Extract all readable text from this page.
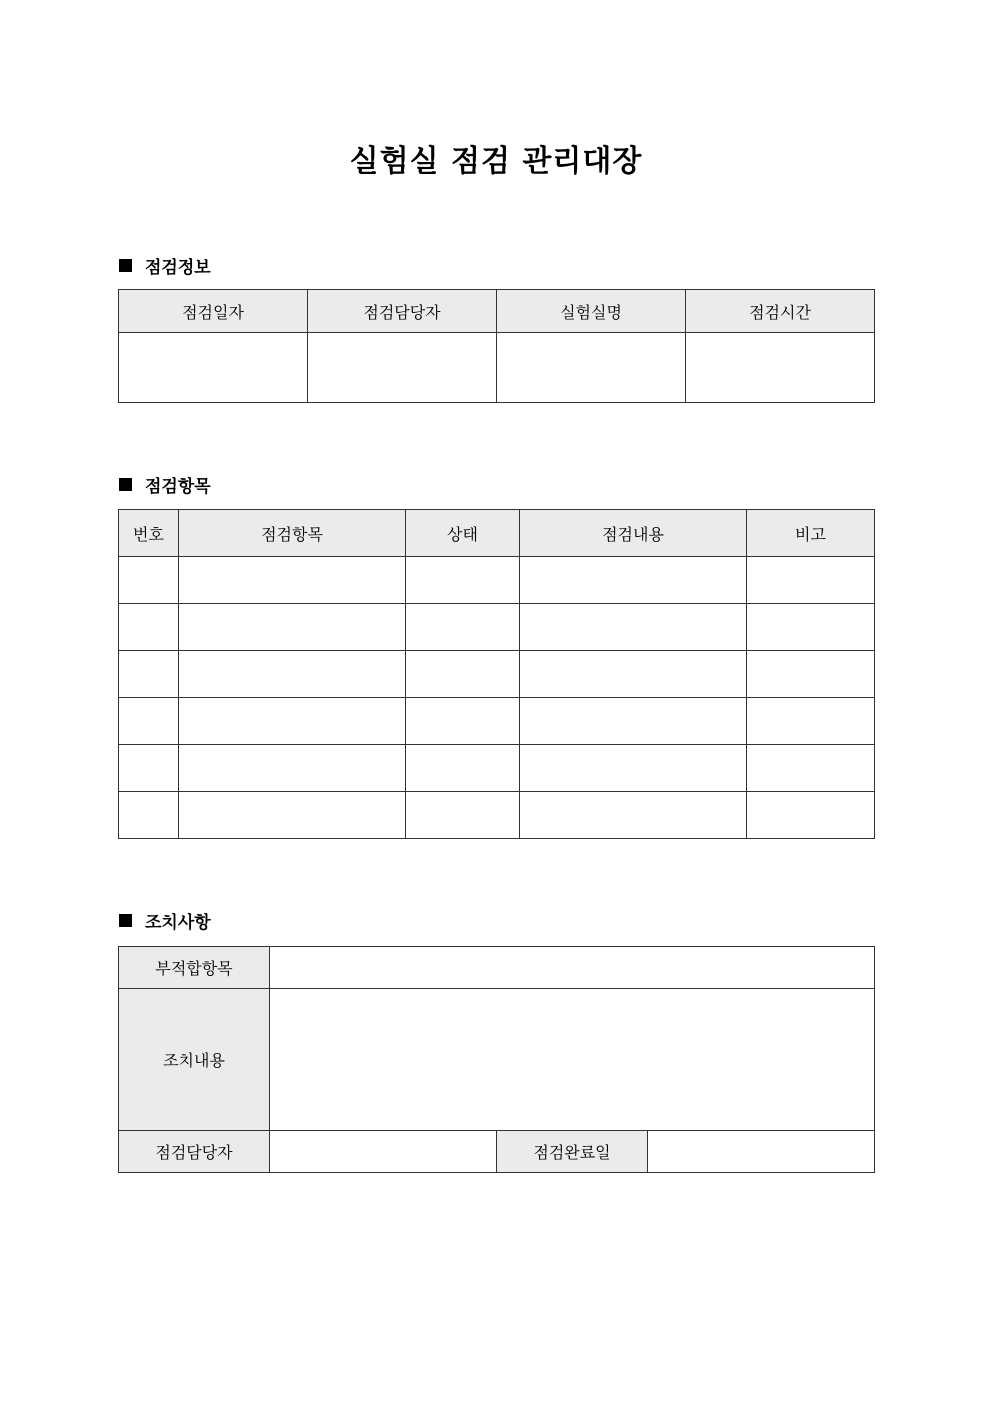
실험실 점검 관리대장
점검정보
점검일자	점검담당자	실험실명	점검시간

점검항목
번호	점검항목	상태	점검내용	비고

조치사항
부적합항목			
조치내용			
점검담당자		점검완료일	
